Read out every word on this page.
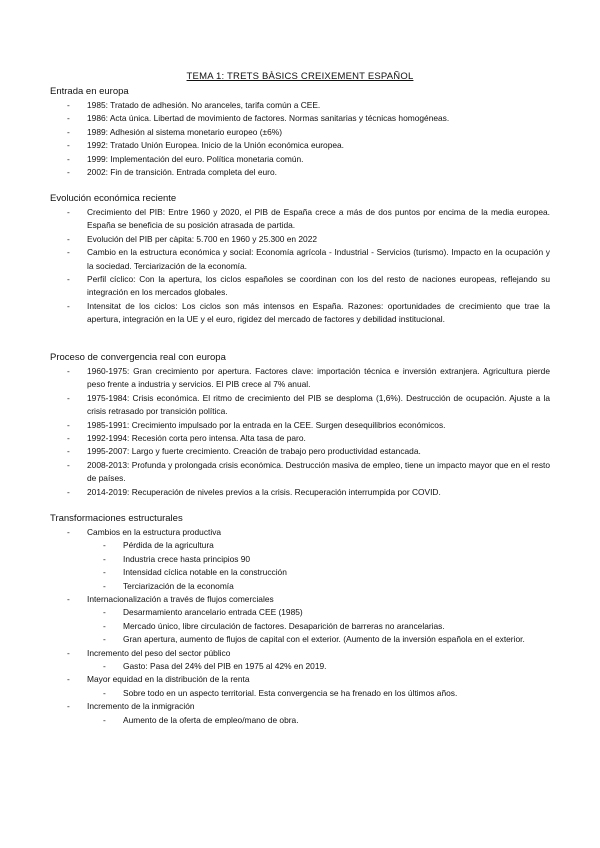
TEMA 1: TRETS BÀSICS CREIXEMENT ESPAÑOL
Entrada en europa
- 1985: Tratado de adhesión. No aranceles, tarifa común a CEE.
- 1986: Acta única. Libertad de movimiento de factores. Normas sanitarias y técnicas homogéneas.
- 1989: Adhesión al sistema monetario europeo (±6%)
- 1992: Tratado Unión Europea. Inicio de la Unión económica europea.
- 1999: Implementación del euro. Política monetaria común.
- 2002: Fin de transición. Entrada completa del euro.
Evolución económica reciente
- Crecimiento del PIB: Entre 1960 y 2020, el PIB de España crece a más de dos puntos por encima de la media europea. España se beneficia de su posición atrasada de partida.
- Evolución del PIB per càpita: 5.700 en 1960 y 25.300 en 2022
- Cambio en la estructura económica y social: Economía agrícola - Industrial - Servicios (turismo). Impacto en la ocupación y la sociedad. Terciarización de la economía.
- Perfil cíclico: Con la apertura, los ciclos españoles se coordinan con los del resto de naciones europeas, reflejando su integración en los mercados globales.
- Intensitat de los ciclos: Los ciclos son más intensos en España. Razones: oportunidades de crecimiento que trae la apertura, integración en la UE y el euro, rigidez del mercado de factores y debilidad institucional.
Proceso de convergencia real con europa
- 1960-1975: Gran crecimiento por apertura. Factores clave: importación técnica e inversión extranjera. Agricultura pierde peso frente a industria y servicios. El PIB crece al 7% anual.
- 1975-1984: Crisis económica. El ritmo de crecimiento del PIB se desploma (1,6%). Destrucción de ocupación. Ajuste a la crisis retrasado por transición política.
- 1985-1991: Crecimiento impulsado por la entrada en la CEE. Surgen desequilibrios económicos.
- 1992-1994: Recesión corta pero intensa. Alta tasa de paro.
- 1995-2007: Largo y fuerte crecimiento. Creación de trabajo pero productividad estancada.
- 2008-2013: Profunda y prolongada crisis económica. Destrucción masiva de empleo, tiene un impacto mayor que en el resto de países.
- 2014-2019: Recuperación de niveles previos a la crisis. Recuperación interrumpida por COVID.
Transformaciones estructurales
- Cambios en la estructura productiva
- Pérdida de la agricultura
- Industria crece hasta principios 90
- Intensidad cíclica notable en la construcción
- Terciarización de la economía
- Internacionalización a través de flujos comerciales
- Desarmamiento arancelario entrada CEE (1985)
- Mercado único, libre circulación de factores. Desaparición de barreras no arancelarias.
- Gran apertura, aumento de flujos de capital con el exterior. (Aumento de la inversión española en el exterior.
- Incremento del peso del sector público
- Gasto: Pasa del 24% del PIB en 1975 al 42% en 2019.
- Mayor equidad en la distribución de la renta
- Sobre todo en un aspecto territorial. Esta convergencia se ha frenado en los últimos años.
- Incremento de la inmigración
- Aumento de la oferta de empleo/mano de obra.
